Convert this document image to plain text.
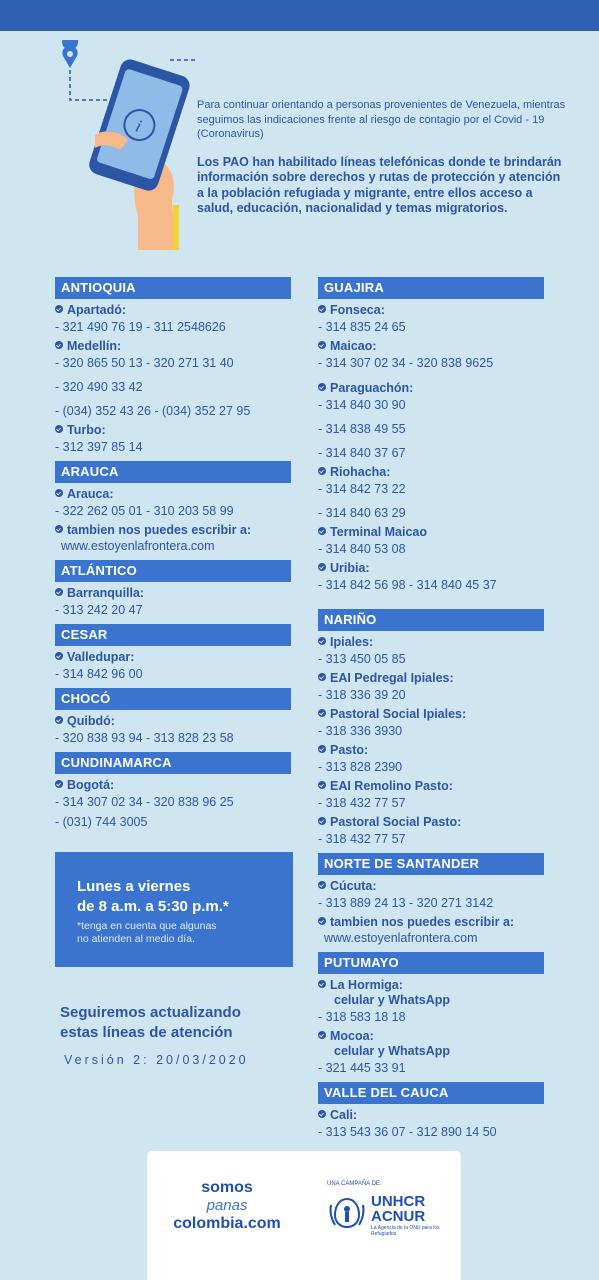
i

Para continuar orientando a personas provenientes de Venezuela, mientras seguimos las indicaciones frente al riesgo de contagio por el Covid - 19 (Coronavirus)

Los PAO han habilitado líneas telefónicas donde te brindarán información sobre derechos y rutas de protección y atención a la población refugiada y migrante, entre ellos acceso a salud, educación, nacionalidad y temas migratorios.

ANTIOQUIA
Apartadó:
- 321 490 76 19 - 311 2548626
Medellín:
- 320 865 50 13 - 320 271 31 40
- 320 490 33 42
- (034) 352 43 26 - (034) 352 27 95
Turbo:
- 312 397 85 14
ARAUCA
Arauca:
- 322 262 05 01 - 310 203 58 99
tambien nos puedes escribir a:
www.estoyenlafrontera.com
ATLÁNTICO
Barranquilla:
- 313 242 20 47
CESAR
Valledupar:
- 314 842 96 00
CHOCÓ
Quibdó:
- 320 838 93 94 - 313 828 23 58
CUNDINAMARCA
Bogotá:
- 314 307 02 34 - 320 838 96 25
- (031) 744 3005
GUAJIRA
Fonseca:
- 314 835 24 65
Maicao:
- 314 307 02 34 - 320 838 9625
Paraguachón:
- 314 840 30 90
- 314 838 49 55
- 314 840 37 67
Riohacha:
- 314 842 73 22
- 314 840 63 29
Terminal Maicao
- 314 840 53 08
Uribia:
- 314 842 56 98 - 314 840 45 37
NARIÑO
Ipiales:
- 313 450 05 85
EAI Pedregal Ipiales:
- 318 336 39 20
Pastoral Social Ipiales:
- 318 336 3930
Pasto:
- 313 828 2390
EAI Remolino Pasto:
- 318 432 77 57
Pastoral Social Pasto:
- 318 432 77 57
NORTE DE SANTANDER
Cúcuta:
- 313 889 24 13 - 320 271 3142
tambien nos puedes escribir a:
www.estoyenlafrontera.com
PUTUMAYO
La Hormiga:
celular y WhatsApp
- 318 583 18 18
Mocoa:
celular y WhatsApp
- 321 445 33 91
VALLE DEL CAUCA
Cali:
- 313 543 36 07 - 312 890 14 50
Lunes a viernes
de 8 a.m. a 5:30 p.m.*
*tenga en cuenta que algunas
no atienden al medio día.
Seguiremos actualizando
estas líneas de atención
Versión 2: 20/03/2020
somos
panas
colombia.com
UNA CAMPAÑA DE:
UNHCR
ACNUR
La Agencia de la ONU para los Refugiados
